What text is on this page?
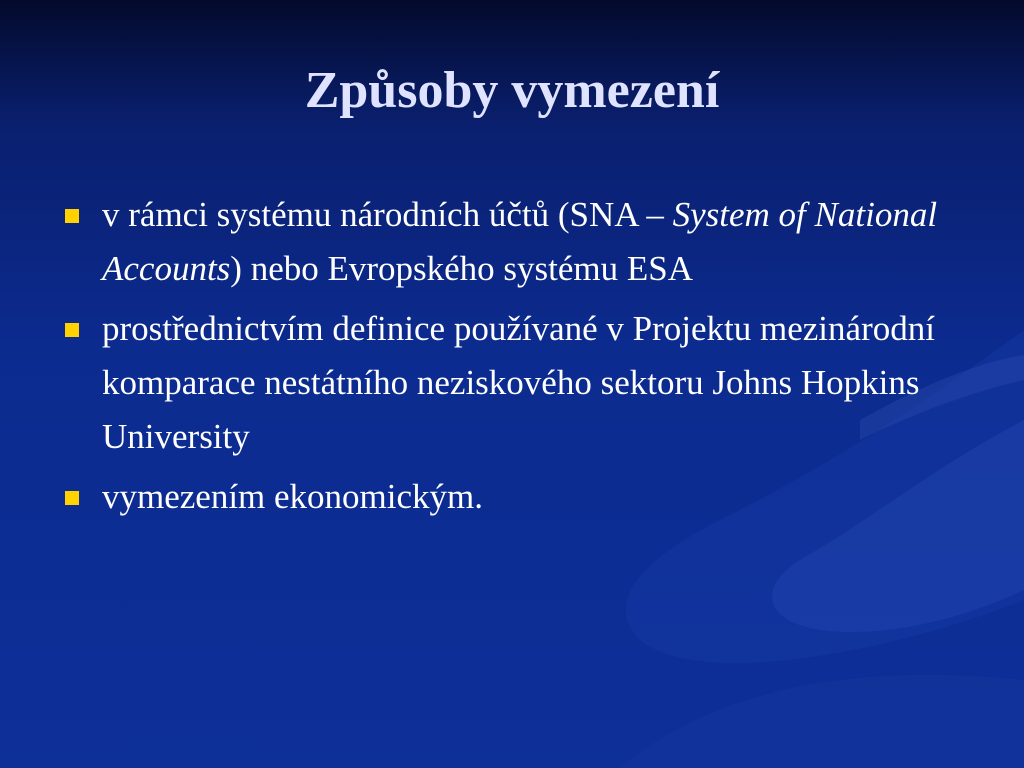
Způsoby vymezení
v rámci systému národních účtů (SNA – System of National Accounts) nebo Evropského systému ESA
prostřednictvím definice používané v Projektu mezinárodní komparace nestátního neziskového sektoru Johns Hopkins University
vymezením ekonomickým.
